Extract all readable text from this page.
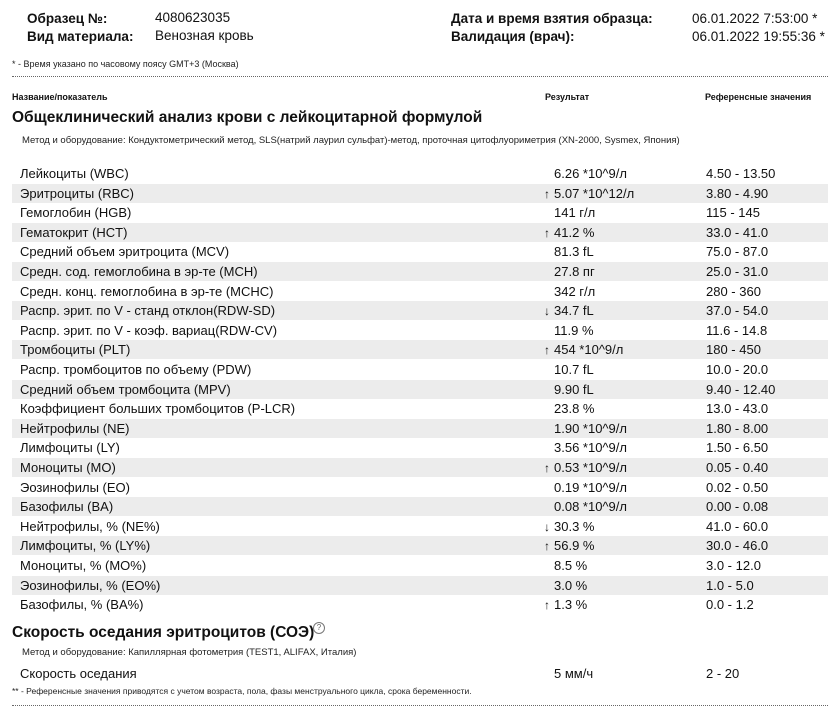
Образец №:	4080623035
Вид материала: Венозная кровь
Дата и время взятия образца:	06.01.2022 7:53:00 *
Валидация (врач):	06.01.2022 19:55:36 *
* - Время указано по часовому поясу GMT+3 (Москва)
Название/показатель	Результат	Референсные значения
Общеклинический анализ крови с лейкоцитарной формулой
Метод и оборудование: Кондуктометрический метод, SLS(натрий лаурил сульфат)-метод, проточная цитофлуориметрия (XN-2000, Sysmex, Япония)
Лейкоциты (WBC)	6.26 *10^9/л	4.50 - 13.50
Эритроциты (RBC)	↑ 5.07 *10^12/л	3.80 - 4.90
Гемоглобин (HGB)	141 г/л	115 - 145
Гематокрит (HCT)	↑ 41.2 %	33.0 - 41.0
Средний объем эритроцита (MCV)	81.3 fL	75.0 - 87.0
Средн. сод. гемоглобина в эр-те (MCH)	27.8 пг	25.0 - 31.0
Средн. конц. гемоглобина в эр-те (MCHC)	342 г/л	280 - 360
Распр. эрит. по V - станд отклон(RDW-SD)	↓ 34.7 fL	37.0 - 54.0
Распр. эрит. по V - коэф. вариац(RDW-CV)	11.9 %	11.6 - 14.8
Тромбоциты (PLT)	↑ 454 *10^9/л	180 - 450
Распр. тромбоцитов по объему (PDW)	10.7 fL	10.0 - 20.0
Средний объем тромбоцита (MPV)	9.90 fL	9.40 - 12.40
Коэффициент больших тромбоцитов (P-LCR)	23.8 %	13.0 - 43.0
Нейтрофилы (NE)	1.90 *10^9/л	1.80 - 8.00
Лимфоциты (LY)	3.56 *10^9/л	1.50 - 6.50
Моноциты (MO)	↑ 0.53 *10^9/л	0.05 - 0.40
Эозинофилы (EO)	0.19 *10^9/л	0.02 - 0.50
Базофилы (BA)	0.08 *10^9/л	0.00 - 0.08
Нейтрофилы, % (NE%)	↓ 30.3 %	41.0 - 60.0
Лимфоциты, % (LY%)	↑ 56.9 %	30.0 - 46.0
Моноциты, % (MO%)	8.5 %	3.0 - 12.0
Эозинофилы, % (EO%)	3.0 %	1.0 - 5.0
Базофилы, % (BA%)	↑ 1.3 %	0.0 - 1.2
Скорость оседания эритроцитов (СОЭ) ?
Метод и оборудование: Капиллярная фотометрия (TEST1, ALIFAX, Италия)
Скорость оседания	5 мм/ч	2 - 20
** - Референсные значения приводятся с учетом возраста, пола, фазы менструального цикла, срока беременности.
